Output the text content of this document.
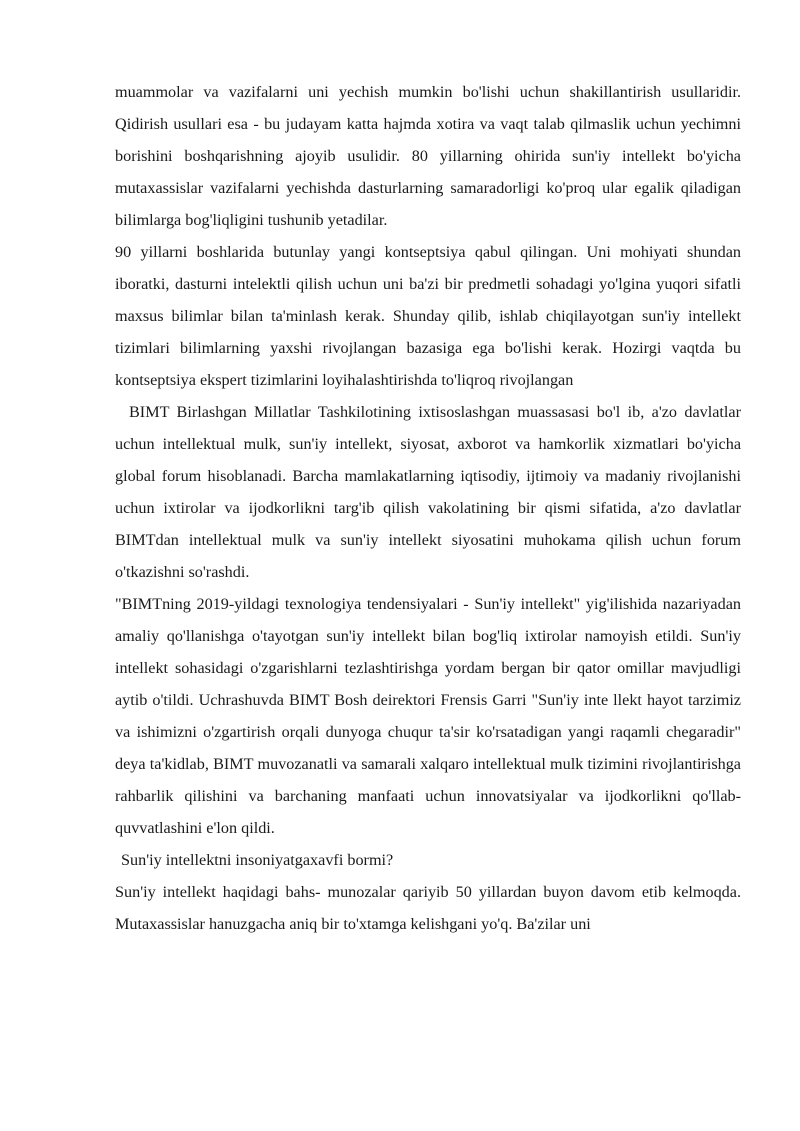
muammolar va vazifalarni uni yechish mumkin bo'lishi uchun shakillantirish usullaridir. Qidirish usullari esa - bu judayam katta hajmda xotira va vaqt talab qilmaslik uchun yechimni borishini boshqarishning ajoyib usulidir. 80 yillarning ohirida sun'iy intellekt bo'yicha mutaxassislar vazifalarni yechishda dasturlarning samaradorligi ko'proq ular egalik qiladigan bilimlarga bog'liqligini tushunib yetadilar.

90 yillarni boshlarida butunlay yangi kontseptsiya qabul qilingan. Uni mohiyati shundan iboratki, dasturni intelektli qilish uchun uni ba'zi bir predmetli sohadagi yo'lgina yuqori sifatli maxsus bilimlar bilan ta'minlash kerak. Shunday qilib, ishlab chiqilayotgan sun'iy intellekt tizimlari bilimlarning yaxshi rivojlangan bazasiga ega bo'lishi kerak. Hozirgi vaqtda bu kontseptsiya ekspert tizimlarini loyihalashtirishda to'liqroq rivojlangan

BIMT Birlashgan Millatlar Tashkilotining ixtisoslashgan muassasasi bo'l ib, a'zo davlatlar uchun intellektual mulk, sun'iy intellekt, siyosat, axborot va hamkorlik xizmatlari bo'yicha global forum hisoblanadi. Barcha mamlakatlarning iqtisodiy, ijtimoiy va madaniy rivojlanishi uchun ixtirolar va ijodkorlikni targ'ib qilish vakolatining bir qismi sifatida, a'zo davlatlar BIMTdan intellektual mulk va sun'iy intellekt siyosatini muhokama qilish uchun forum o'tkazishni so'rashdi.

"BIMTning 2019-yildagi texnologiya tendensiyalari - Sun'iy intellekt" yig'ilishida nazariyadan amaliy qo'llanishga o'tayotgan sun'iy intellekt bilan bog'liq ixtirolar namoyish etildi. Sun'iy intellekt sohasidagi o'zgarishlarni tezlashtirishga yordam bergan bir qator omillar mavjudligi aytib o'tildi. Uchrashuvda BIMT Bosh deirektori Frensis Garri "Sun'iy inte llekt hayot tarzimiz va ishimizni o'zgartirish orqali dunyoga chuqur ta'sir ko'rsatadigan yangi raqamli chegaradir" deya ta'kidlab, BIMT muvozanatli va samarali xalqaro intellektual mulk tizimini rivojlantirishga rahbarlik qilishini va barchaning manfaati uchun innovatsiyalar va ijodkorlikni qo'llab-quvvatlashini e'lon qildi.

Sun'iy intellektni insoniyatgaxavfi bormi?

Sun'iy intellekt haqidagi bahs- munozalar qariyib 50 yillardan buyon davom etib kelmoqda. Mutaxassislar hanuzgacha aniq bir to'xtamga kelishgani yo'q. Ba'zilar uni
